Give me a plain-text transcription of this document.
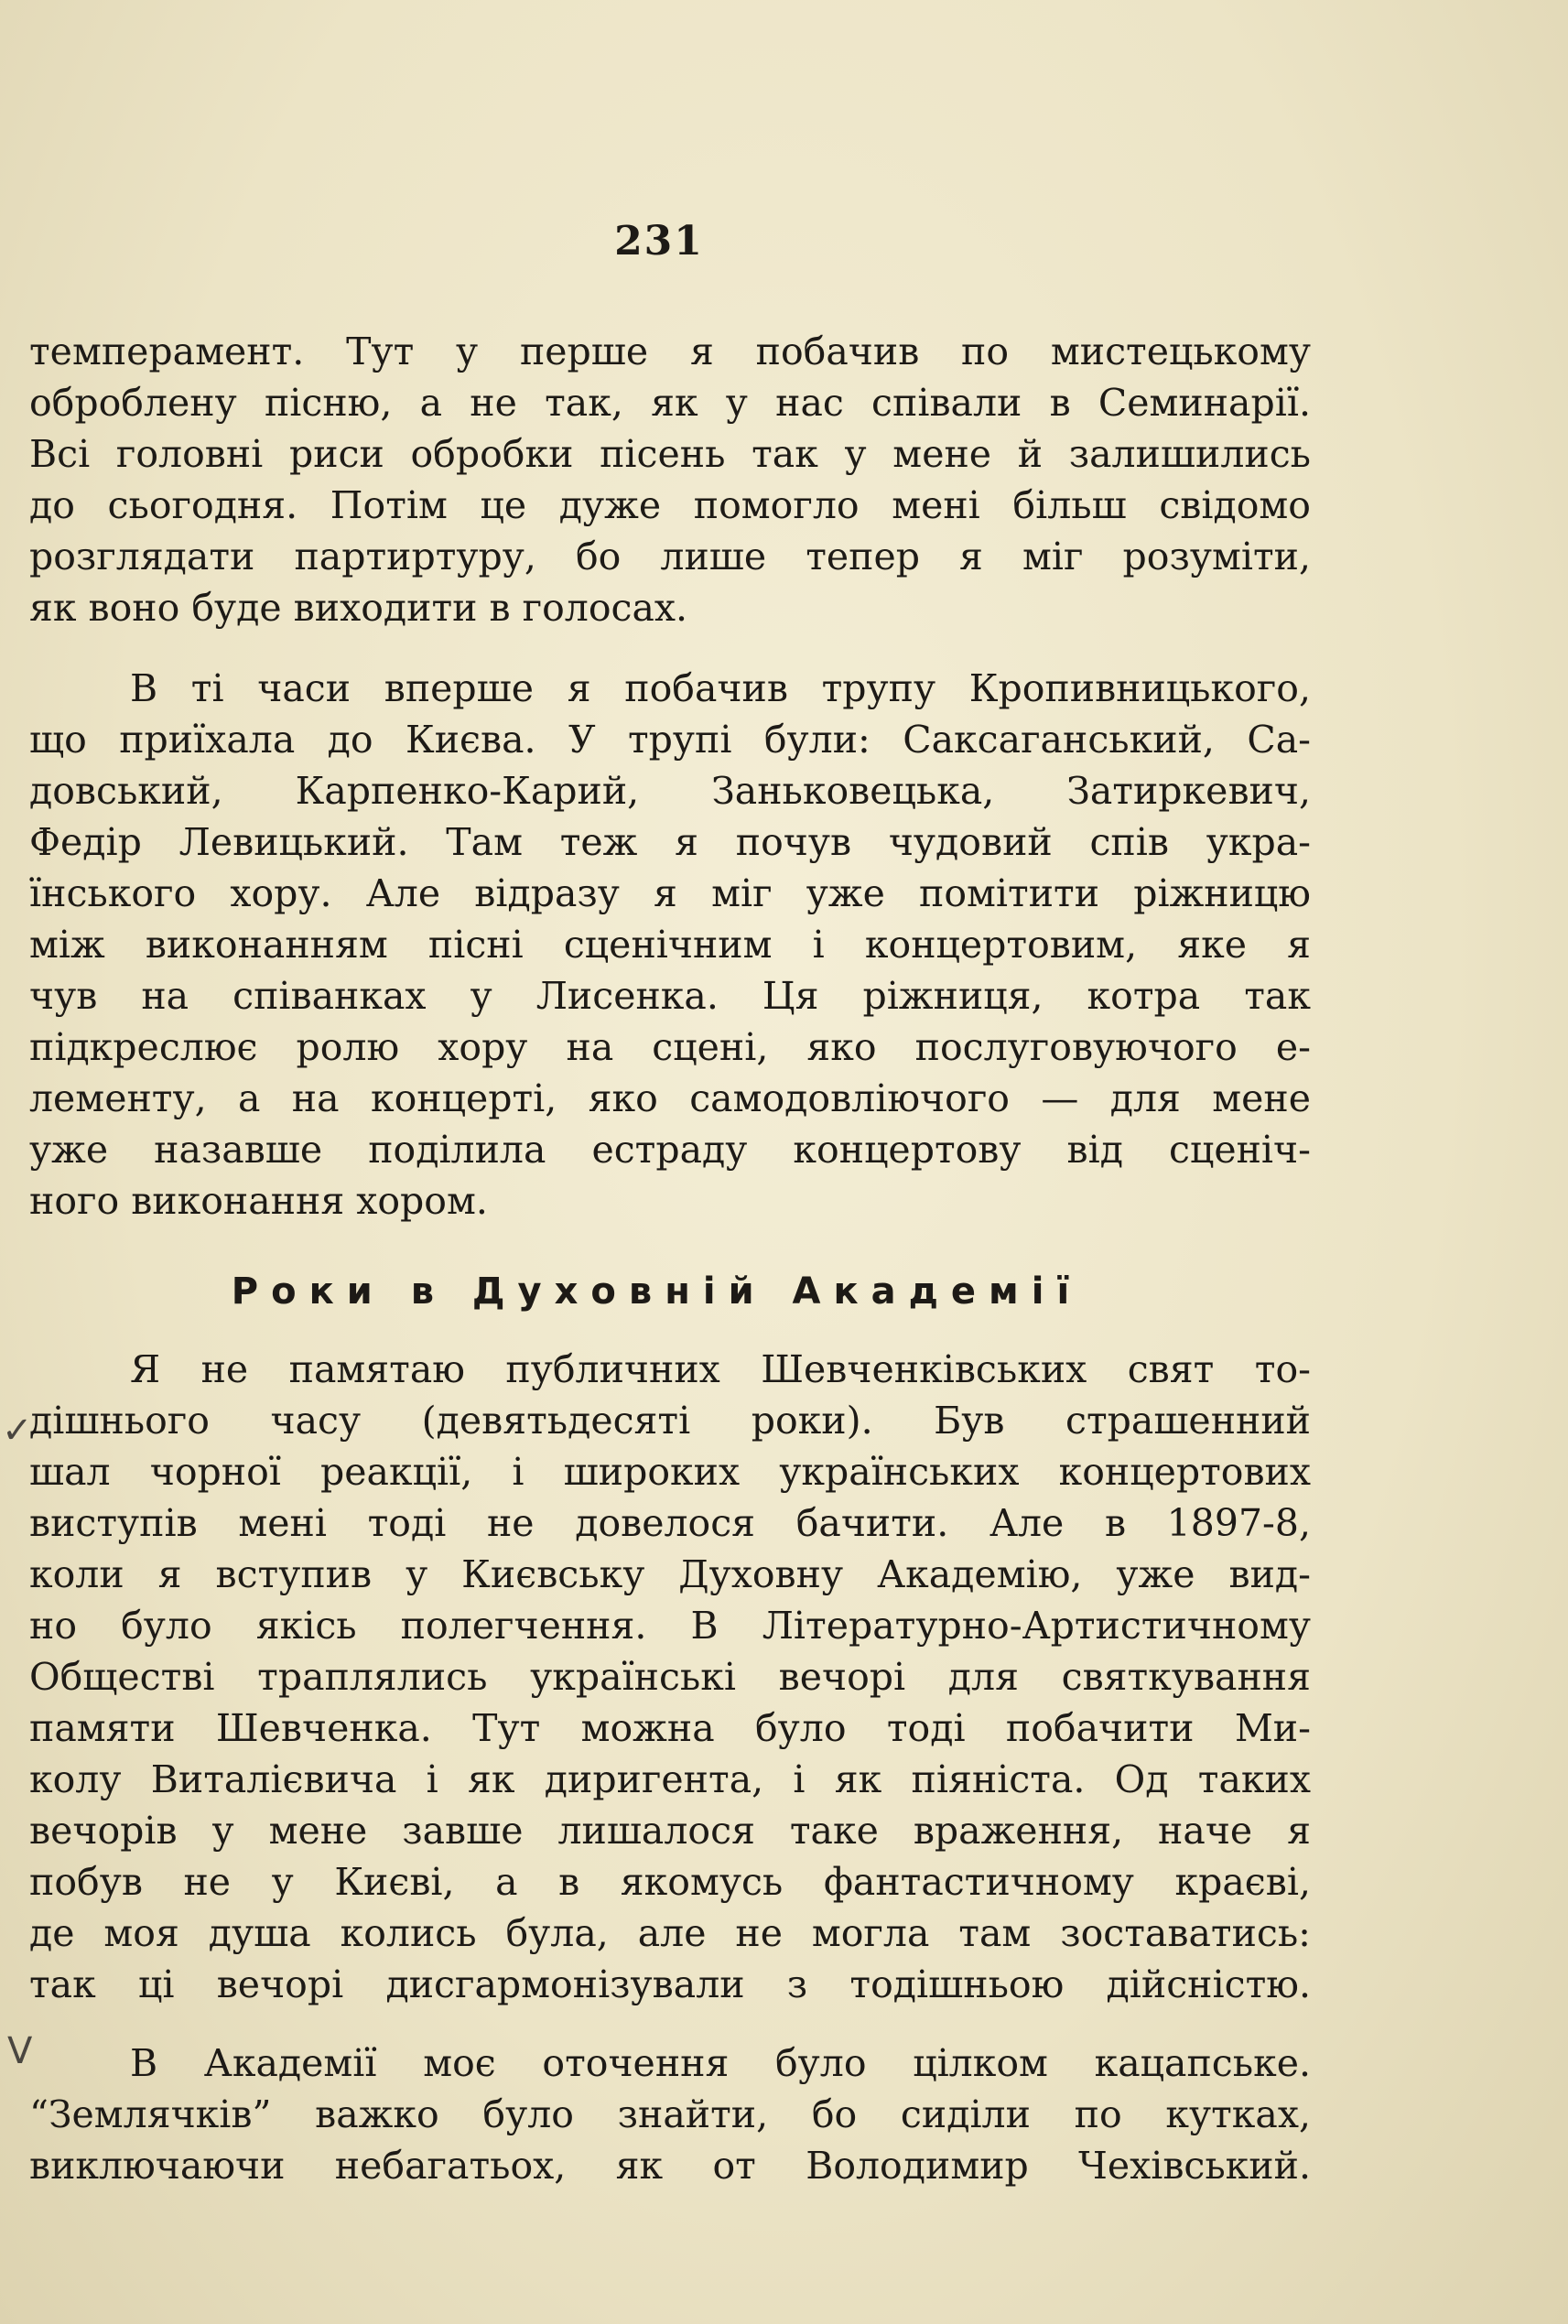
231
темперамент. Тут у перше я побачив по мистецькому
оброблену пісню, а не так, як у нас співали в Семинарії.
Всі головні риси обробки пісень так у мене й залишились
до сьогодня. Потім це дуже помогло мені більш свідомо
розглядати партиртуру, бо лише тепер я міг розуміти,
як воно буде виходити в голосах.
В ті часи вперше я побачив трупу Кропивницького,
що приїхала до Києва. У трупі були: Саксаганський, Са-
довський, Карпенко-Карий, Заньковецька, Затиркевич,
Федір Левицький. Там теж я почув чудовий спів укра-
їнського хору. Але відразу я міг уже помітити ріжницю
між виконанням пісні сценічним і концертовим, яке я
чув на співанках у Лисенка. Ця ріжниця, котра так
підкреслює ролю хору на сцені, яко послуговуючого е-
лементу, а на концерті, яко самодовліючого — для мене
уже назавше поділила естраду концертову від сценіч-
ного виконання хором.
Роки в Духовній Академії
Я не памятаю публичних Шевченківських свят то-
дішнього часу (девятьдесяті роки). Був страшенний
шал чорної реакції, і широких українських концертових
виступів мені тоді не довелося бачити. Але в 1897-8,
коли я вступив у Києвську Духовну Академію, уже вид-
но було якісь полегчення. В Літературно-Артистичному
Обществі траплялись українські вечорі для святкування
памяти Шевченка. Тут можна було тоді побачити Ми-
колу Виталієвича і як диригента, і як піяніста. Од таких
вечорів у мене завше лишалося таке враження, наче я
побув не у Києві, а в якомусь фантастичному краєві,
де моя душа колись була, але не могла там зоставатись:
так ці вечорі дисгармонізували з тодішньою дійсністю.
В Академії моє оточення було цілком кацапське.
“Землячків” важко було знайти, бо сиділи по кутках,
виключаючи небагатьох, як от Володимир Чехівський.
✓
V
